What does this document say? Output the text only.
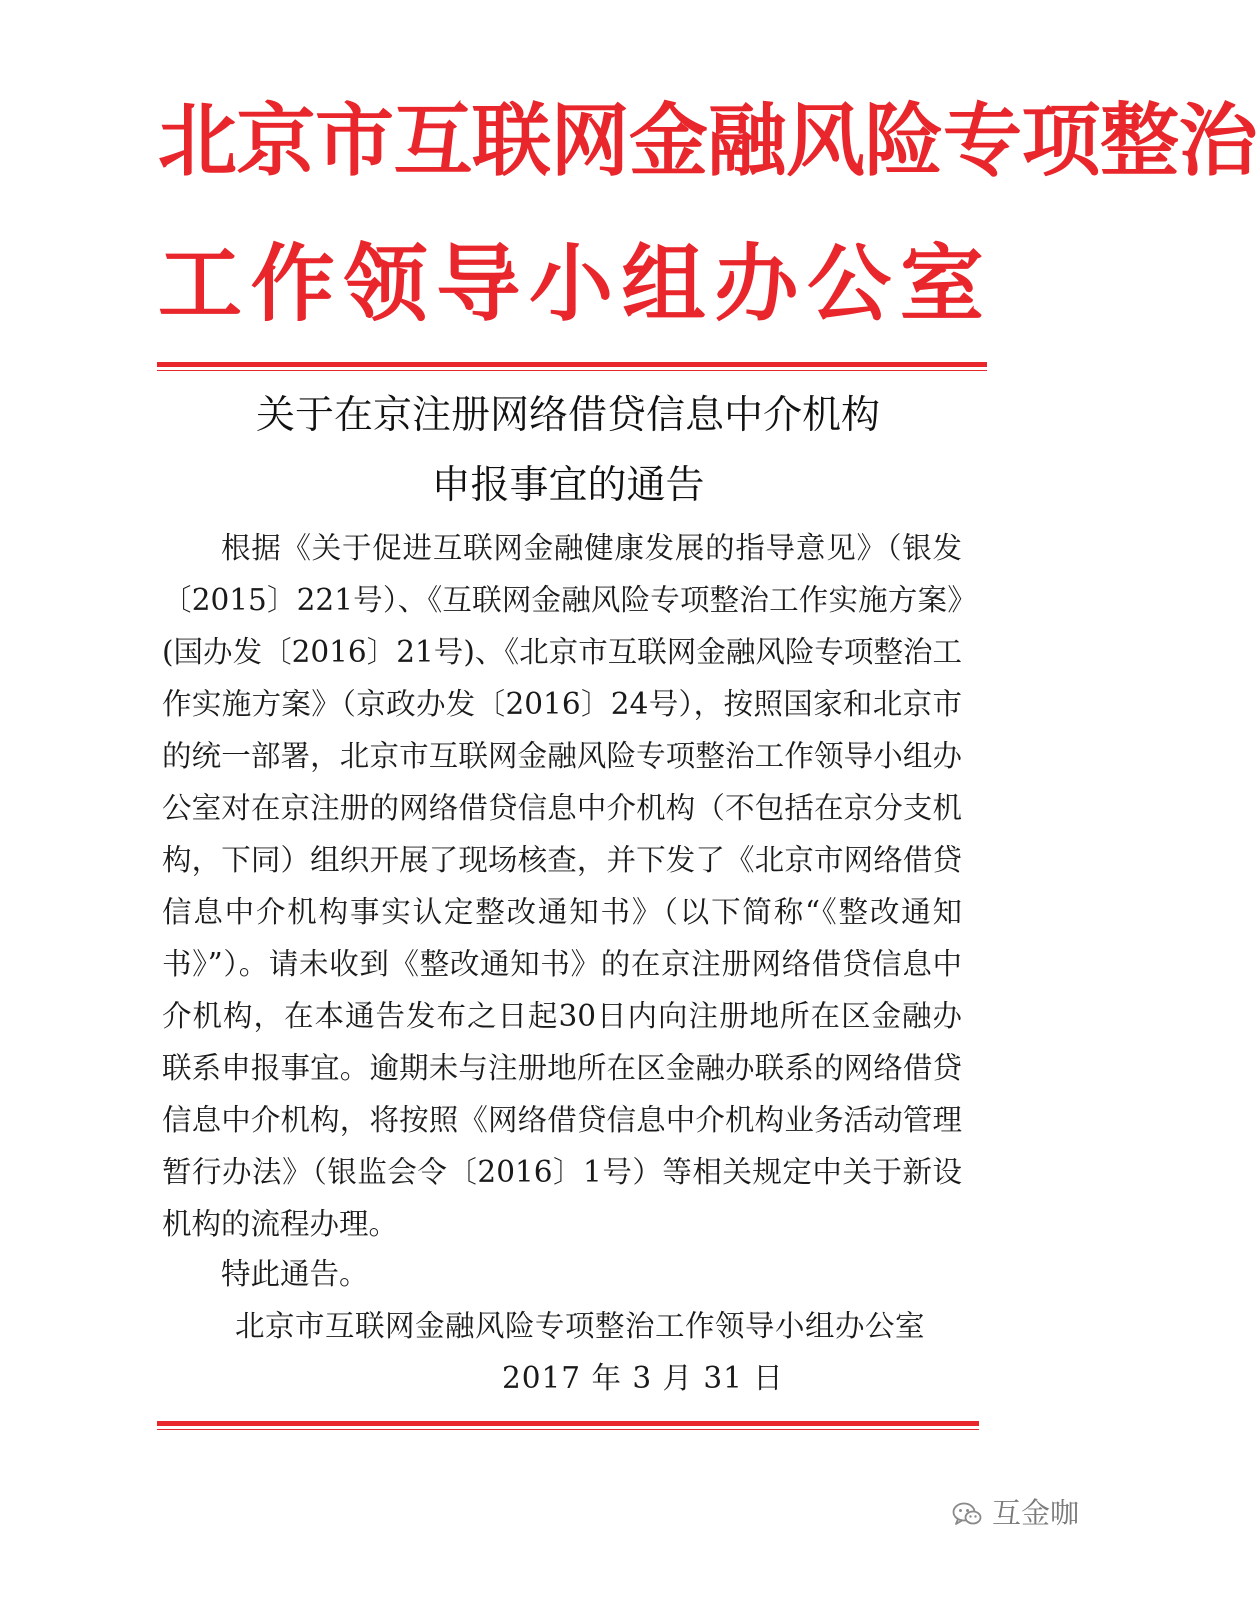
北京市互联网金融风险专项整治
工 作 领 导 小 组 办 公 室
关于在京注册网络借贷信息中介机构
申报事宜的通告

根据《关于促进互联网金融健康发展的指导意见》（银发〔2015〕221号）、《互联网金融风险专项整治工作实施方案》(国办发〔2016〕21号)、《北京市互联网金融风险专项整治工作实施方案》（京政办发〔2016〕24号），按照国家和北京市的统一部署，北京市互联网金融风险专项整治工作领导小组办公室对在京注册的网络借贷信息中介机构（不包括在京分支机构，下同）组织开展了现场核查，并下发了《北京市网络借贷信息中介机构事实认定整改通知书》（以下简称“《整改通知书》”）。请未收到《整改通知书》的在京注册网络借贷信息中介机构，在本通告发布之日起30日内向注册地所在区金融办联系申报事宜。逾期未与注册地所在区金融办联系的网络借贷信息中介机构，将按照《网络借贷信息中介机构业务活动管理暂行办法》（银监会令〔2016〕1号）等相关规定中关于新设机构的流程办理。

特此通告。

北京市互联网金融风险专项整治工作领导小组办公室
2017 年 3 月 31 日
互金咖
